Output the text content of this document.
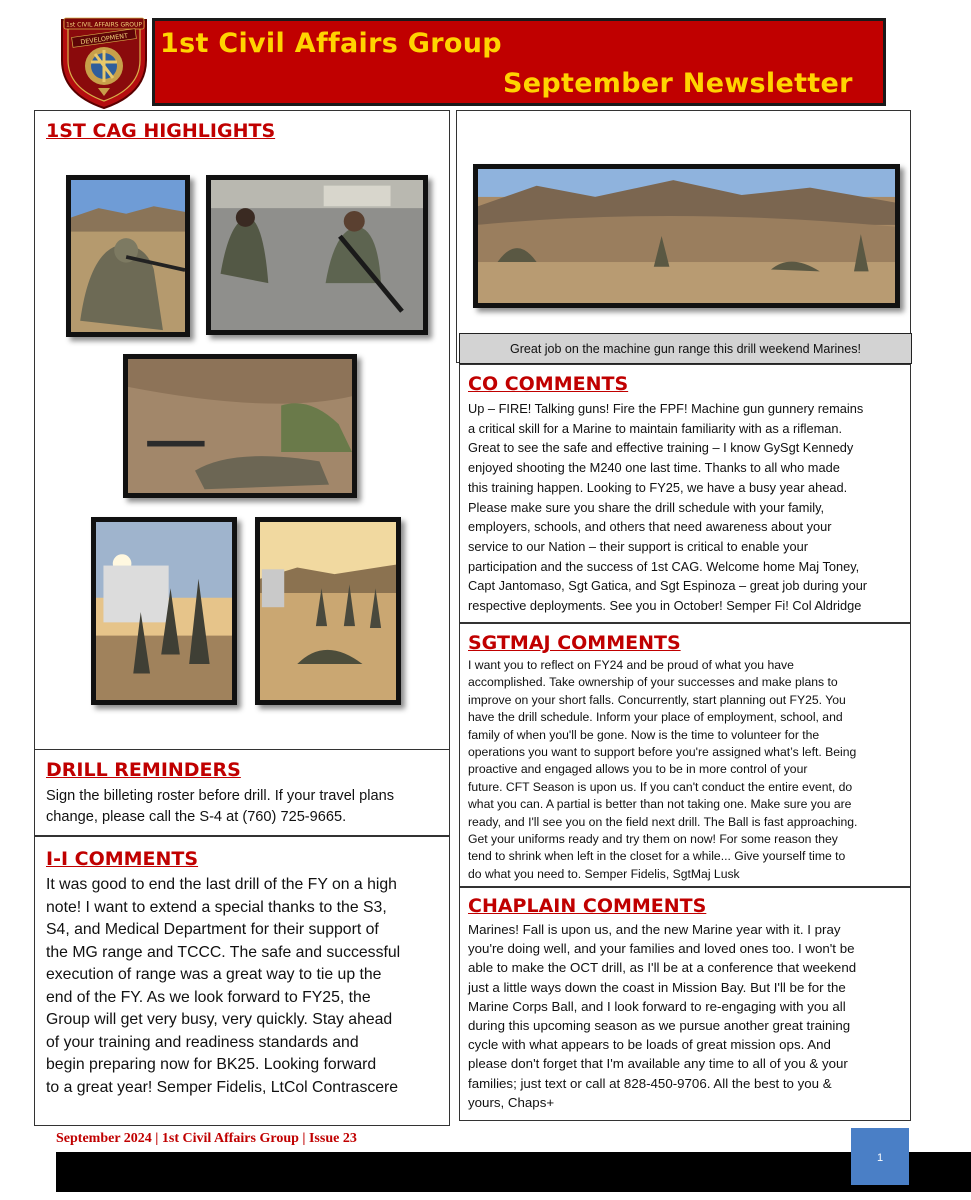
1st Civil Affairs Group
September Newsletter
1st CIVIL AFFAIRS GROUP
DEVELOPMENT
1ST CAG HIGHLIGHTS
DRILL REMINDERS
Sign the billeting roster before drill. If your travel plans
change, please call the S-4 at (760) 725-9665.
I-I COMMENTS
It was good to end the last drill of the FY on a high
note! I want to extend a special thanks to the S3,
S4, and Medical Department for their support of
the MG range and TCCC. The safe and successful
execution of range was a great way to tie up the
end of the FY. As we look forward to FY25, the
Group will get very busy, very quickly. Stay ahead
of your training and readiness standards and
begin preparing now for BK25. Looking forward
to a great year! Semper Fidelis, LtCol Contrascere
Great job on the machine gun range this drill weekend Marines!
CO COMMENTS
Up – FIRE! Talking guns! Fire the FPF! Machine gun gunnery remains
a critical skill for a Marine to maintain familiarity with as a rifleman.
Great to see the safe and effective training – I know GySgt Kennedy
enjoyed shooting the M240 one last time. Thanks to all who made
this training happen. Looking to FY25, we have a busy year ahead.
Please make sure you share the drill schedule with your family,
employers, schools, and others that need awareness about your
service to our Nation – their support is critical to enable your
participation and the success of 1st CAG. Welcome home Maj Toney,
Capt Jantomaso, Sgt Gatica, and Sgt Espinoza – great job during your
respective deployments. See you in October! Semper Fi! Col Aldridge
SGTMAJ COMMENTS
I want you to reflect on FY24 and be proud of what you have
accomplished. Take ownership of your successes and make plans to
improve on your short falls. Concurrently, start planning out FY25. You
have the drill schedule. Inform your place of employment, school, and
family of when you'll be gone. Now is the time to volunteer for the
operations you want to support before you're assigned what’s left. Being
proactive and engaged allows you to be in more control of your
future. CFT Season is upon us. If you can't conduct the entire event, do
what you can. A partial is better than not taking one. Make sure you are
ready, and I'll see you on the field next drill. The Ball is fast approaching.
Get your uniforms ready and try them on now! For some reason they
tend to shrink when left in the closet for a while... Give yourself time to
do what you need to. Semper Fidelis, SgtMaj Lusk
CHAPLAIN COMMENTS
Marines! Fall is upon us, and the new Marine year with it. I pray
you're doing well, and your families and loved ones too. I won't be
able to make the OCT drill, as I'll be at a conference that weekend
just a little ways down the coast in Mission Bay. But I'll be for the
Marine Corps Ball, and I look forward to re-engaging with you all
during this upcoming season as we pursue another great training
cycle with what appears to be loads of great mission ops. And
please don't forget that I'm available any time to all of you & your
families; just text or call at 828-450-9706. All the best to you &
yours, Chaps+
September 2024 | 1st Civil Affairs Group | Issue 23
1
